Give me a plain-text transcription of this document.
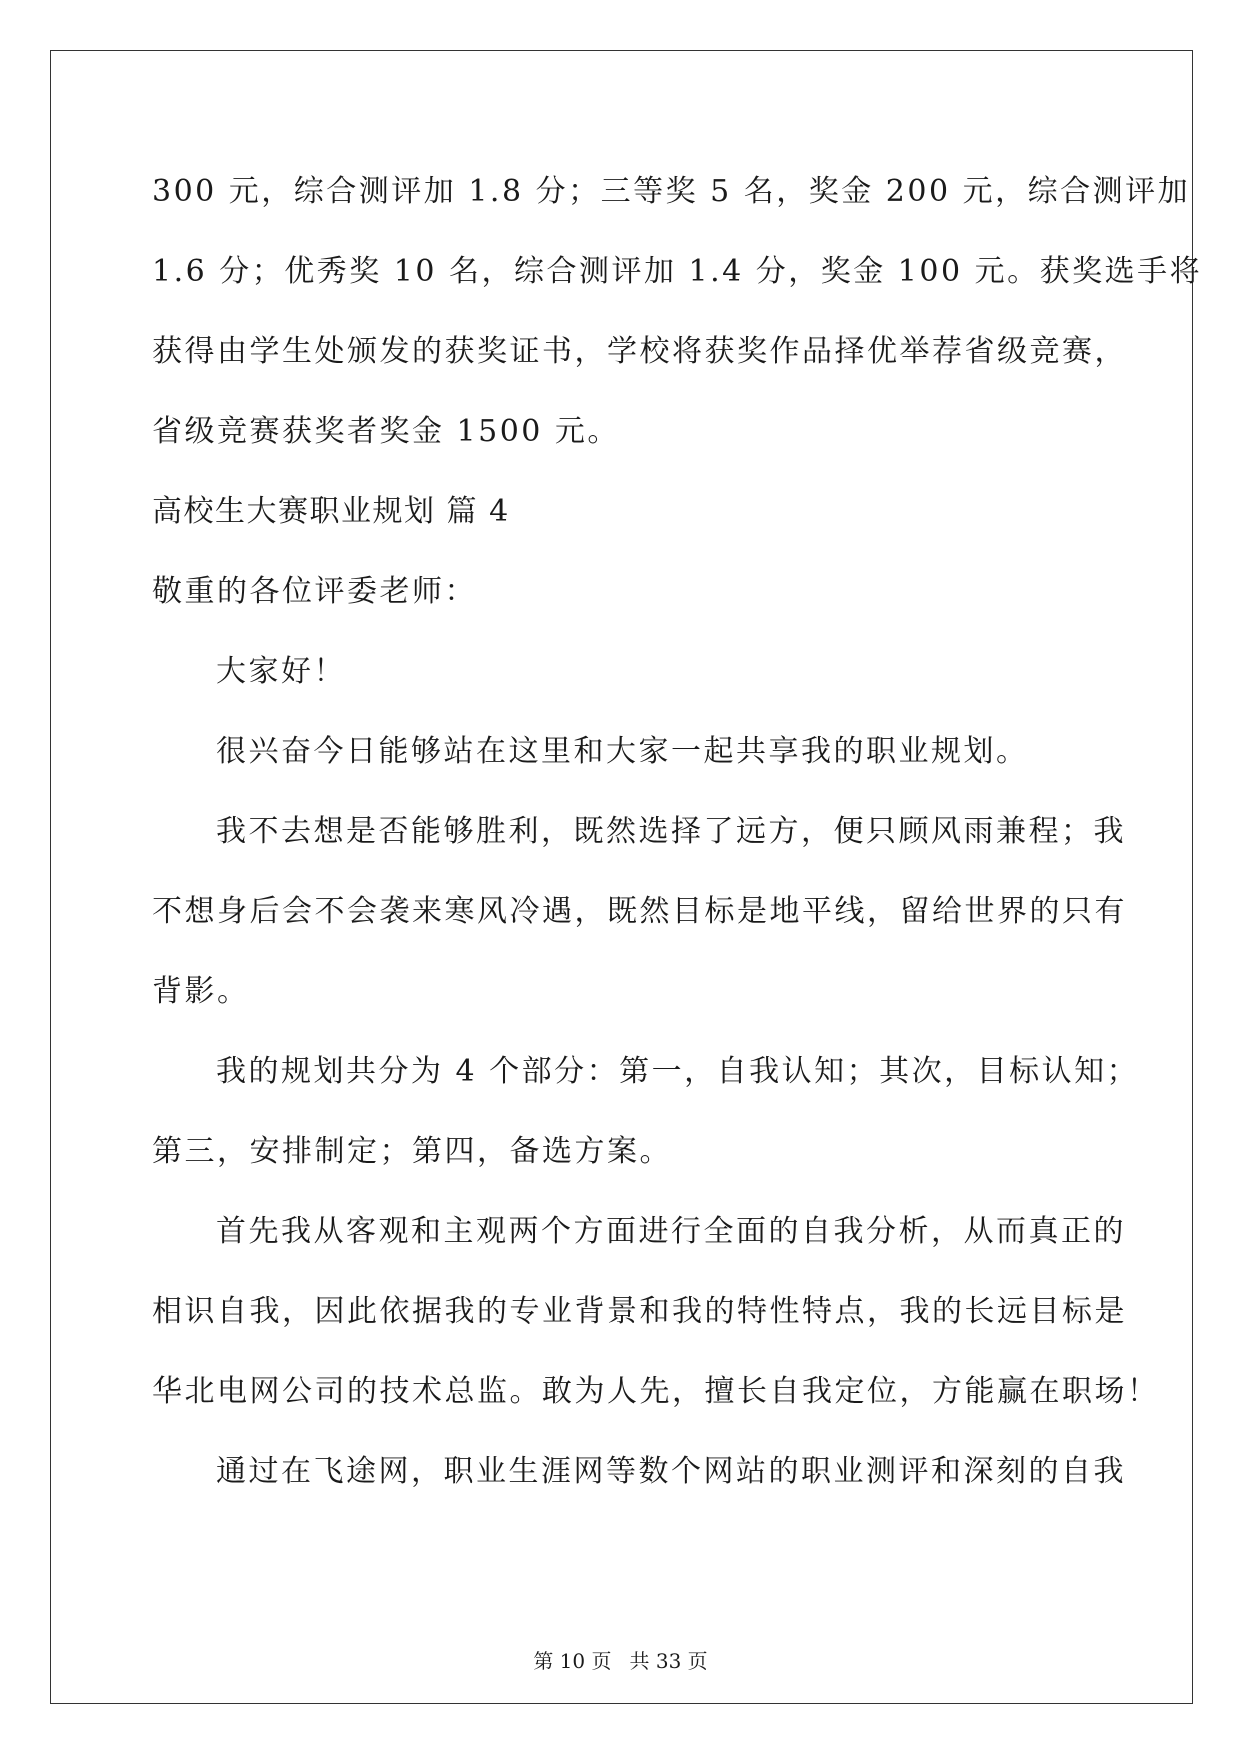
300 元，综合测评加 1.8 分；三等奖 5 名，奖金 200 元，综合测评加
1.6 分；优秀奖 10 名，综合测评加 1.4 分，奖金 100 元。获奖选手将
获得由学生处颁发的获奖证书，学校将获奖作品择优举荐省级竞赛，
省级竞赛获奖者奖金 1500 元。
高校生大赛职业规划 篇 4
敬重的各位评委老师：
大家好！
很兴奋今日能够站在这里和大家一起共享我的职业规划。
我不去想是否能够胜利，既然选择了远方，便只顾风雨兼程；我
不想身后会不会袭来寒风冷遇，既然目标是地平线，留给世界的只有
背影。
我的规划共分为 4 个部分：第一，自我认知；其次，目标认知；
第三，安排制定；第四，备选方案。
首先我从客观和主观两个方面进行全面的自我分析，从而真正的
相识自我，因此依据我的专业背景和我的特性特点，我的长远目标是
华北电网公司的技术总监。敢为人先，擅长自我定位，方能赢在职场！
通过在飞途网，职业生涯网等数个网站的职业测评和深刻的自我
第 10 页 共 33 页
